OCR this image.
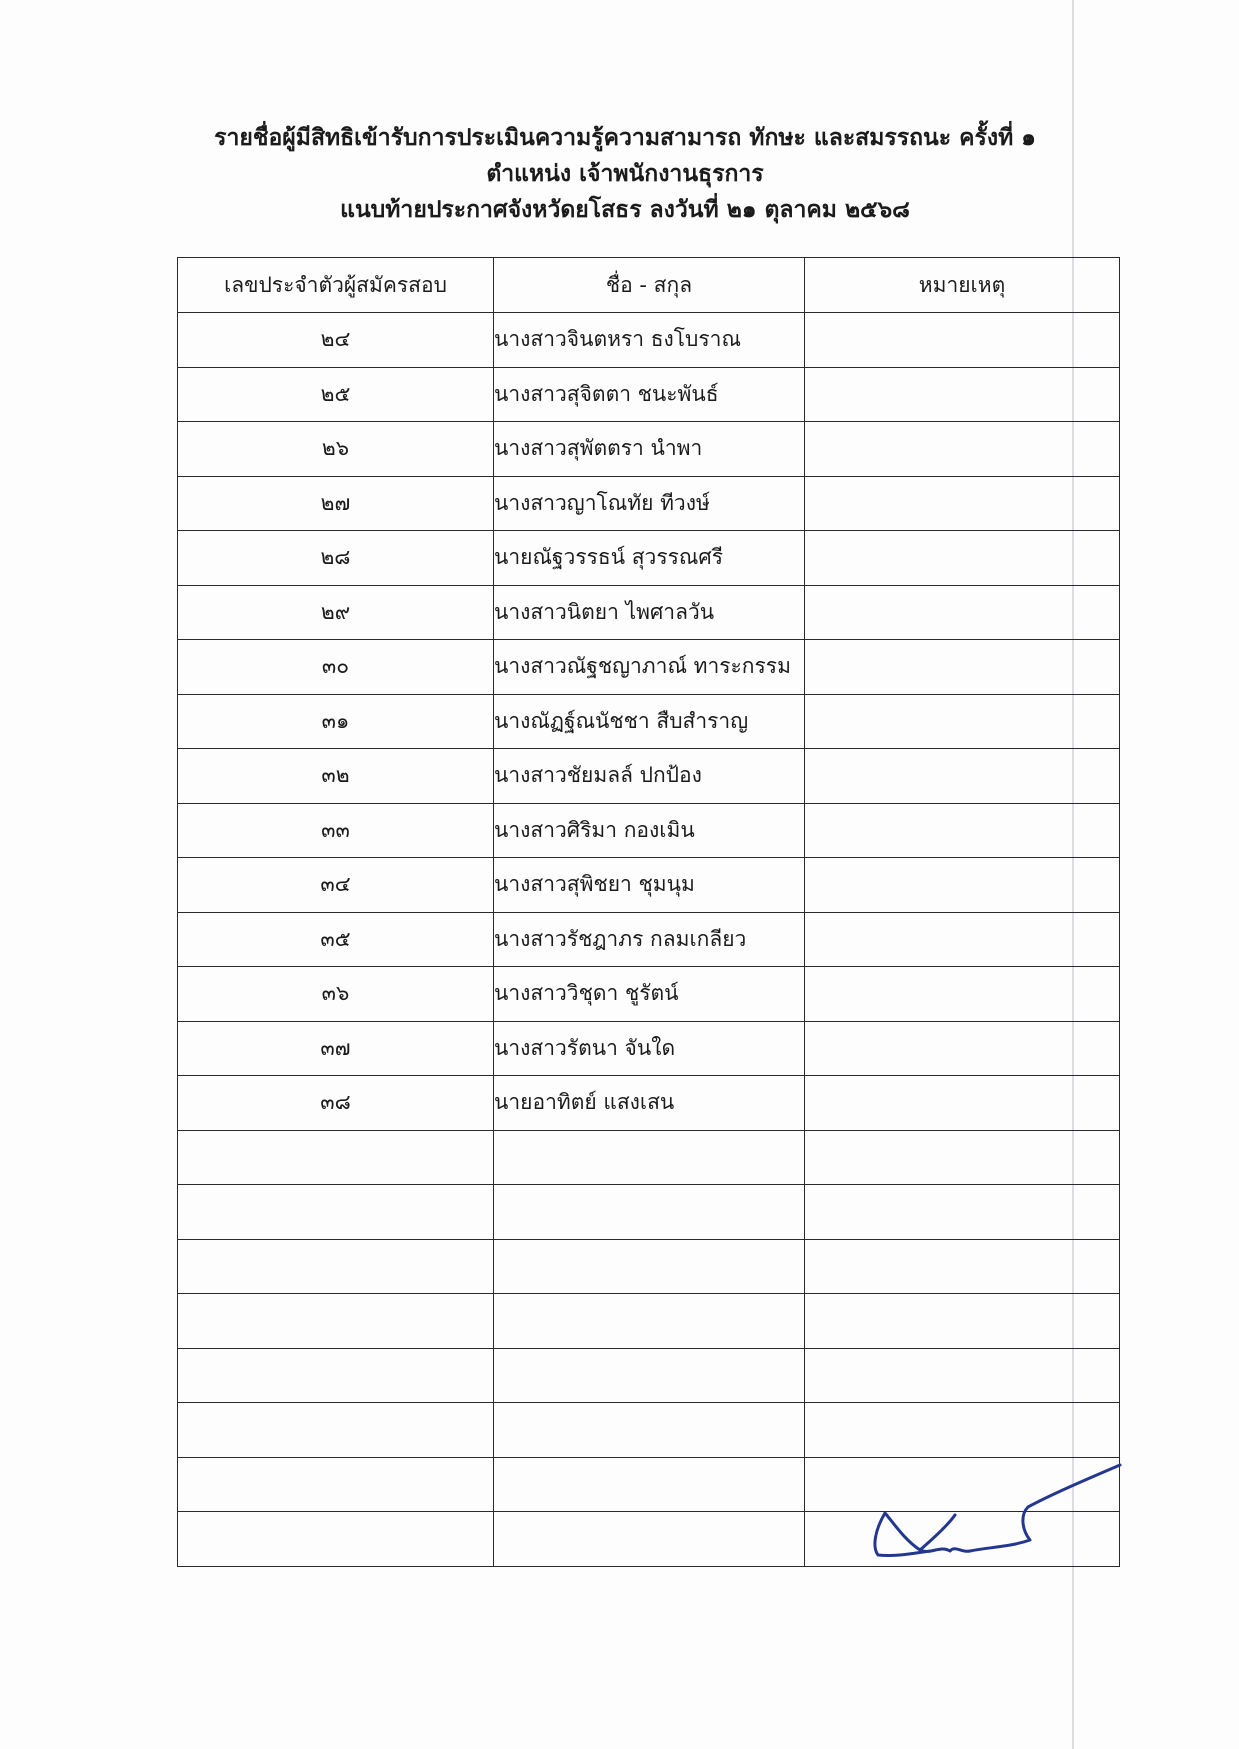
รายชื่อผู้มีสิทธิเข้ารับการประเมินความรู้ความสามารถ ทักษะ และสมรรถนะ ครั้งที่ ๑
ตำแหน่ง เจ้าพนักงานธุรการ
แนบท้ายประกาศจังหวัดยโสธร ลงวันที่ ๒๑ ตุลาคม ๒๕๖๘
เลขประจำตัวผู้สมัครสอบ	ชื่อ - สกุล	หมายเหตุ
๒๔	นางสาวจินตหรา ธงโบราณ	
๒๕	นางสาวสุจิตตา ชนะพันธ์	
๒๖	นางสาวสุพัตตรา นำพา	
๒๗	นางสาวญาโณทัย ทีวงษ์	
๒๘	นายณัฐวรรธน์ สุวรรณศรี	
๒๙	นางสาวนิตยา ไพศาลวัน	
๓๐	นางสาวณัฐชญาภาณ์ ทาระกรรม	
๓๑	นางณัฏฐ์ณนัชชา สืบสำราญ	
๓๒	นางสาวชัยมลล์ ปกป้อง	
๓๓	นางสาวศิริมา กองเมิน	
๓๔	นางสาวสุพิชยา ชุมนุม	
๓๕	นางสาวรัชฎาภร กลมเกลียว	
๓๖	นางสาววิชุดา ชูรัตน์	
๓๗	นางสาวรัตนา จันใด	
๓๘	นายอาทิตย์ แสงเสน	
